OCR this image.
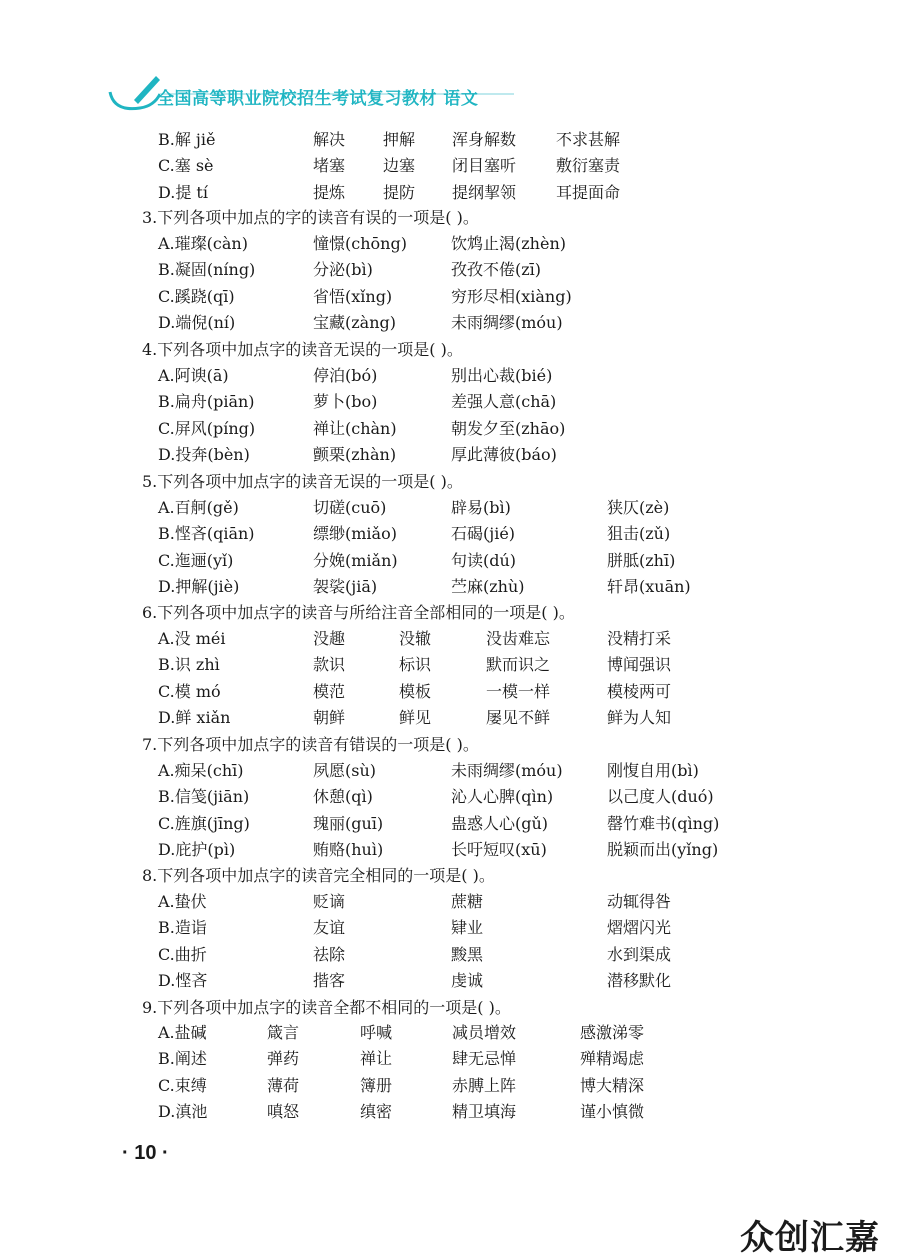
全国高等职业院校招生考试复习教材 语文
B.解 jiě	解决 押解 浑身解数 不求甚解
C.塞 sè	堵塞 边塞 闭目塞听 敷衍塞责
D.提 tí	提炼 提防 提纲挈领 耳提面命
3.下列各项中加点的字的读音有误的一项是( )。
A.璀璨(càn)	憧憬(chōng)	饮鸩止渴(zhèn)
B.凝固(níng)	分泌(bì)	孜孜不倦(zī)
C.蹊跷(qī)	省悟(xǐng)	穷形尽相(xiàng)
D.端倪(ní)	宝藏(zàng)	未雨绸缪(móu)
4.下列各项中加点字的读音无误的一项是( )。
A.阿谀(ā)	停泊(bó)	别出心裁(bié)
B.扁舟(piān)	萝卜(bo)	差强人意(chā)
C.屏风(píng)	禅让(chàn)	朝发夕至(zhāo)
D.投奔(bèn)	颤栗(zhàn)	厚此薄彼(báo)
5.下列各项中加点字的读音无误的一项是( )。
A.百舸(gě)	切磋(cuō)	辟易(bì)	狭仄(zè)
B.悭吝(qiān)	缥缈(miǎo)	石碣(jié)	狙击(zǔ)
C.迤逦(yǐ)	分娩(miǎn)	句读(dú)	胼胝(zhī)
D.押解(jiè)	袈裟(jiā)	苎麻(zhù)	轩昂(xuān)
6.下列各项中加点字的读音与所给注音全部相同的一项是( )。
A.没 méi	没趣	没辙	没齿难忘	没精打采
B.识 zhì	款识	标识	默而识之	博闻强识
C.模 mó	模范	模板	一模一样	模棱两可
D.鲜 xiǎn	朝鲜	鲜见	屡见不鲜	鲜为人知
7.下列各项中加点字的读音有错误的一项是( )。
A.痴呆(chī)	夙愿(sù)	未雨绸缪(móu)	刚愎自用(bì)
B.信笺(jiān)	休憩(qì)	沁人心脾(qìn)	以己度人(duó)
C.旌旗(jīng)	瑰丽(guī)	蛊惑人心(gǔ)	罄竹难书(qìng)
D.庇护(pì)	贿赂(huì)	长吁短叹(xū)	脱颖而出(yǐng)
8.下列各项中加点字的读音完全相同的一项是( )。
A.蛰伏	贬谪	蔗糖	动辄得咎
B.造诣	友谊	肄业	熠熠闪光
C.曲折	祛除	黢黑	水到渠成
D.悭吝	揩客	虔诚	潜移默化
9.下列各项中加点字的读音全都不相同的一项是( )。
A.盐碱	箴言	呼喊	减员增效	感激涕零
B.阐述	弹药	禅让	肆无忌惮	殚精竭虑
C.束缚	薄荷	簿册	赤膊上阵	博大精深
D.滇池	嗔怒	缜密	精卫填海	谨小慎微
· 10 ·
众创汇嘉
